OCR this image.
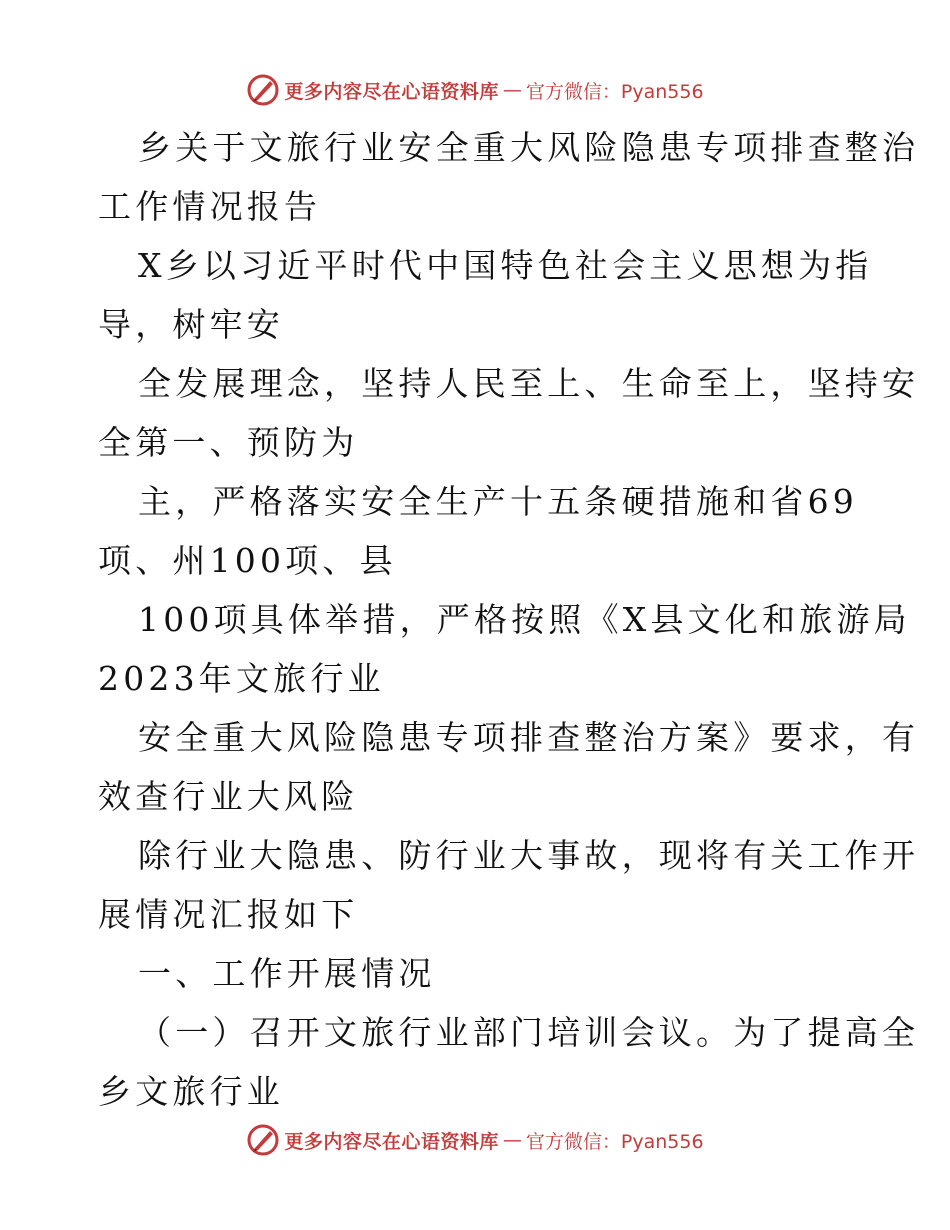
更多内容尽在心语资料库 — 官方微信：Pyan556
乡关于文旅行业安全重大风险隐患专项排查整治
工作情况报告
X乡以习近平时代中国特色社会主义思想为指
导，树牢安
全发展理念，坚持人民至上、生命至上，坚持安
全第一、预防为
主，严格落实安全生产十五条硬措施和省69
项、州100项、县
100项具体举措，严格按照《X县文化和旅游局
2023年文旅行业
安全重大风险隐患专项排查整治方案》要求，有
效查行业大风险
除行业大隐患、防行业大事故，现将有关工作开
展情况汇报如下
一、工作开展情况
（一）召开文旅行业部门培训会议。为了提高全
乡文旅行业
更多内容尽在心语资料库 — 官方微信：Pyan556
